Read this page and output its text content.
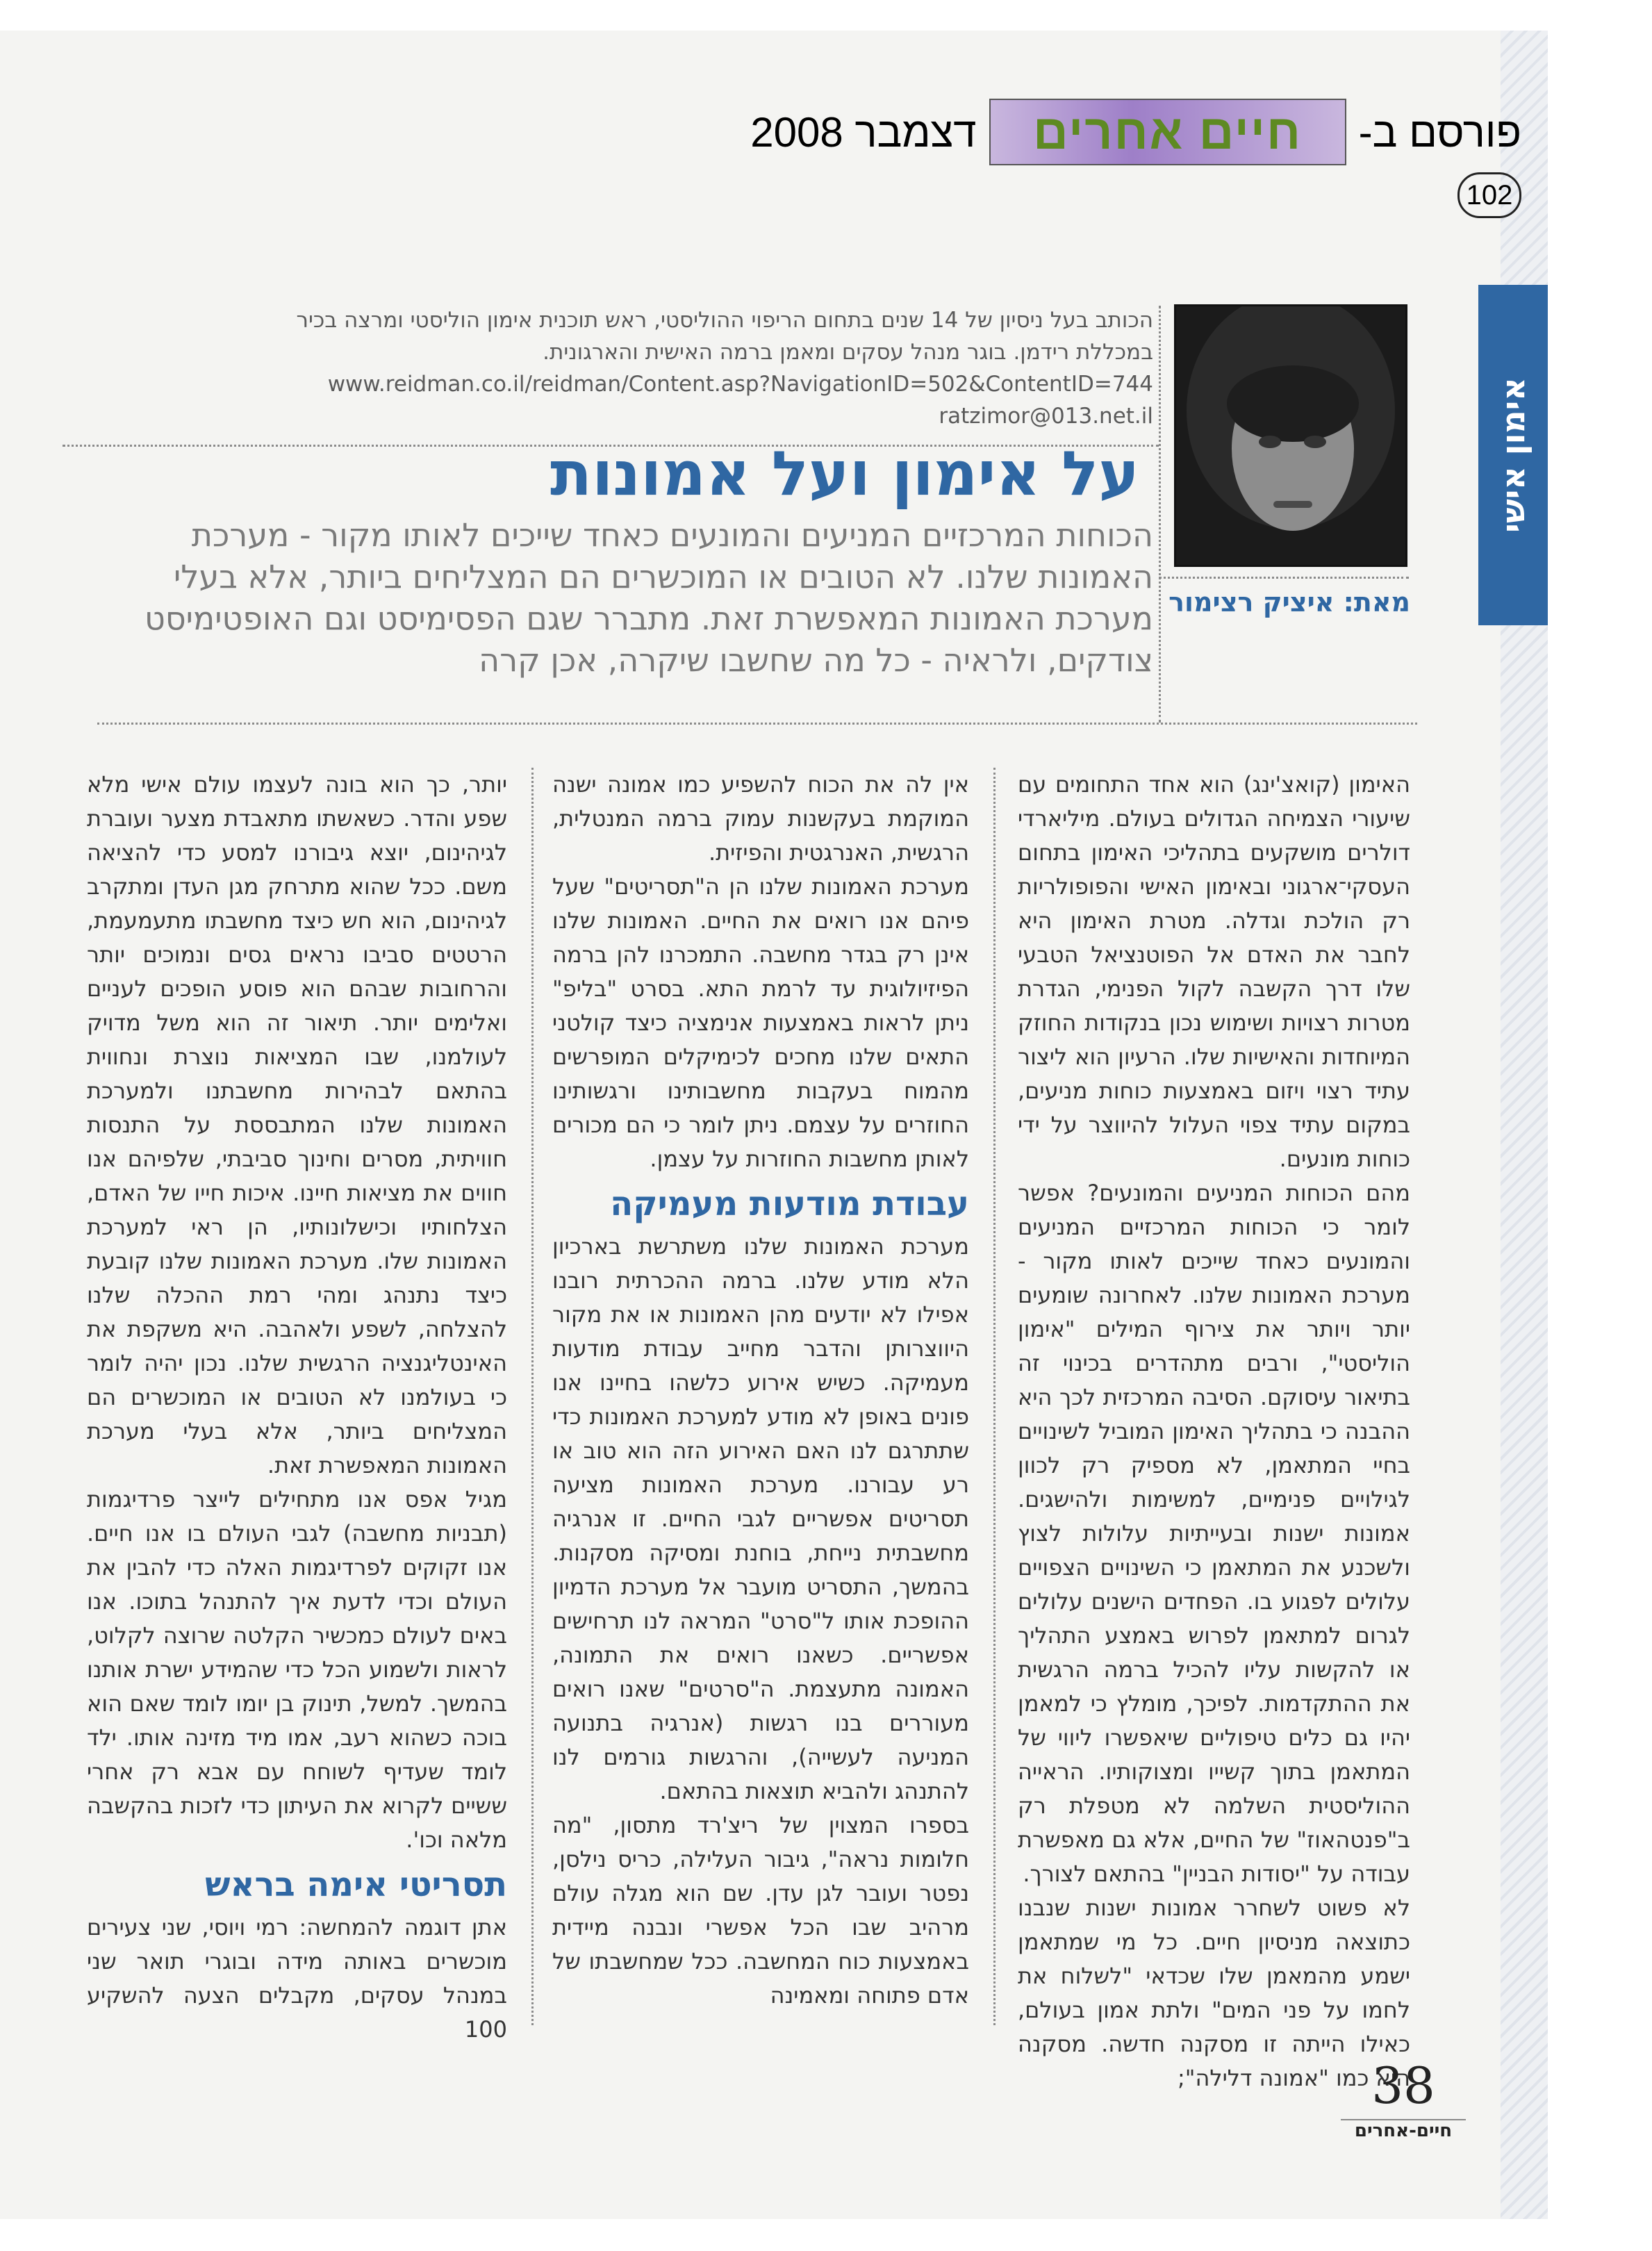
אימון אישי
פורסם ב-
חיים אחרים
דצמבר 2008
102
הכותב בעל ניסיון של 14 שנים בתחום הריפוי ההוליסטי, ראש תוכנית אימון הוליסטי ומרצה בכיר
במכללת רידמן. בוגר מנהל עסקים ומאמן ברמה האישית והארגונית.
www.reidman.co.il/reidman/Content.asp?NavigationID=502&ContentID=744
ratzimor@013.net.il
מאת: איציק רצימור
על אימון ועל אמונות
הכוחות המרכזיים המניעים והמונעים כאחד שייכים לאותו מקור - מערכת האמונות שלנו. לא הטובים או המוכשרים הם המצליחים ביותר, אלא בעלי מערכת האמונות המאפשרת זאת. מתברר שגם הפסימיסט וגם האופטימיסט צודקים, ולראיה - כל מה שחשבו שיקרה, אכן קרה

האימון (קואצ'ינג) הוא אחד התחומים עם שיעורי הצמיחה הגדולים בעולם. מיליארדי דולרים מושקעים בתהליכי האימון בתחום העסקי־ארגוני ובאימון האישי והפופולריות רק הולכת וגדלה. מטרת האימון היא לחבר את האדם אל הפוטנציאל הטבעי שלו דרך הקשבה לקול הפנימי, הגדרת מטרות רצויות ושימוש נכון בנקודות החוזק המיוחדות והאישיות שלו. הרעיון הוא ליצור עתיד רצוי ויזום באמצעות כוחות מניעים, במקום עתיד צפוי העלול להיווצר על ידי כוחות מונעים.

מהם הכוחות המניעים והמונעים? אפשר לומר כי הכוחות המרכזיים המניעים והמונעים כאחד שייכים לאותו מקור - מערכת האמונות שלנו. לאחרונה שומעים יותר ויותר את צירוף המילים "אימון הוליסטי", ורבים מתהדרים בכינוי זה בתיאור עיסוקם. הסיבה המרכזית לכך היא ההבנה כי בתהליך האימון המוביל לשינויים בחיי המתאמן, לא מספיק רק לכוון לגילויים פנימיים, למשימות ולהישגים. אמונות ישנות ובעייתיות עלולות לצוץ ולשכנע את המתאמן כי השינויים הצפויים עלולים לפגוע בו. הפחדים הישנים עלולים לגרום למתאמן לפרוש באמצע התהליך או להקשות עליו להכיל ברמה הרגשית את ההתקדמות. לפיכך, מומלץ כי למאמן יהיו גם כלים טיפוליים שיאפשרו ליווי של המתאמן בתוך קשייו ומצוקותיו. הראייה ההוליסטית השלמה לא מטפלת רק ב"פנטהאוז" של החיים, אלא גם מאפשרת עבודה על "יסודות הבניין" בהתאם לצורך.

לא פשוט לשחרר אמונות ישנות שנבנו כתוצאה מניסיון חיים. כל מי שמתאמן ישמע מהמאמן שלו שכדאי "לשלוח את לחמו על פני המים" ולתת אמון בעולם, כאילו הייתה זו מסקנה חדשה. מסקנה היא כמו "אמונה דלילה";

אין לה את הכוח להשפיע כמו אמונה ישנה המוקמת בעקשנות עמוק ברמה המנטלית, הרגשית, האנרגטית והפיזית.

מערכת האמונות שלנו הן ה"תסריטים" שעל פיהם אנו רואים את החיים. האמונות שלנו אינן רק בגדר מחשבה. התמכרנו להן ברמה הפיזיולוגית עד לרמת התא. בסרט "בליפ" ניתן לראות באמצעות אנימציה כיצד קולטני התאים שלנו מחכים לכימיקלים המופרשים מהמוח בעקבות מחשבותינו ורגשותינו החוזרים על עצמם. ניתן לומר כי הם מכורים לאותן מחשבות החוזרות על עצמן.

עבודת מודעות מעמיקה

מערכת האמונות שלנו משתרשת בארכיון הלא מודע שלנו. ברמה ההכרתית רובנו אפילו לא יודעים מהן האמונות או את מקור היווצרותן והדבר מחייב עבודת מודעות מעמיקה. כשיש אירוע כלשהו בחיינו אנו פונים באופן לא מודע למערכת האמונות כדי שתתרגם לנו האם האירוע הזה הוא טוב או רע עבורנו. מערכת האמונות מציעה תסריטים אפשריים לגבי החיים. זו אנרגיה מחשבתית נייחת, בוחנת ומסיקה מסקנות. בהמשך, התסריט מועבר אל מערכת הדמיון ההופכת אותו ל"סרט" המראה לנו תרחישים אפשריים. כשאנו רואים את התמונה, האמונה מתעצמת. ה"סרטים" שאנו רואים מעוררים בנו רגשות (אנרגיה בתנועה המניעה לעשייה), והרגשות גורמים לנו להתנהג ולהביא תוצאות בהתאם.

בספרו המצוין של ריצ'רד מתסון, "מה חלומות נראה", גיבור העלילה, כריס נילסן, נפטר ועובר לגן עדן. שם הוא מגלה עולם מרהיב שבו הכל אפשרי ונבנה מיידית באמצעות כוח המחשבה. ככל שמחשבתו של אדם פתוחה ומאמינה

יותר, כך הוא בונה לעצמו עולם אישי מלא שפע והדר. כשאשתו מתאבדת מצער ועוברת לגיהינום, יוצא גיבורנו למסע כדי להציאה משם. ככל שהוא מתרחק מגן העדן ומתקרב לגיהינום, הוא חש כיצד מחשבתו מתעמעמת, הרטטים סביבו נראים גסים ונמוכים יותר והרחובות שבהם הוא פוסע הופכים לעניים ואלימים יותר. תיאור זה הוא משל מדויק לעולמנו, שבו המציאות נוצרת ונחווית בהתאם לבהירות מחשבתנו ולמערכת האמונות שלנו המתבססת על התנסות חוויתית, מסרים וחינוך סביבתי, שלפיהם אנו חווים את מציאות חיינו. איכות חייו של האדם, הצלחותיו וכישלונותיו, הן ראי למערכת האמונות שלו. מערכת האמונות שלנו קובעת כיצד נתנהג ומהי רמת ההכלה שלנו להצלחה, לשפע ולאהבה. היא משקפת את האינטליגנציה הרגשית שלנו. נכון יהיה לומר כי בעולמנו לא הטובים או המוכשרים הם המצליחים ביותר, אלא בעלי מערכת האמונות המאפשרת זאת.

מגיל אפס אנו מתחילים לייצר פרדיגמות (תבניות מחשבה) לגבי העולם בו אנו חיים. אנו זקוקים לפרדיגמות האלה כדי להבין את העולם וכדי לדעת איך להתנהל בתוכו. אנו באים לעולם כמכשיר הקלטה שרוצה לקלוט, לראות ולשמוע הכל כדי שהמידע ישרת אותנו בהמשך. למשל, תינוק בן יומו לומד שאם הוא בוכה כשהוא רעב, אמו מיד מזינה אותו. ילד לומד שעדיף לשוחח עם אבא רק אחרי ששיים לקרוא את העיתון כדי לזכות בהקשבה מלאה וכו'.

תסריטי אימה בראש

אתן דוגמה להמחשה: רמי ויוסי, שני צעירים מוכשרים באותה מידה ובוגרי תואר שני במנהל עסקים, מקבלים הצעה להשקיע 100

38
חיים-אחרים
